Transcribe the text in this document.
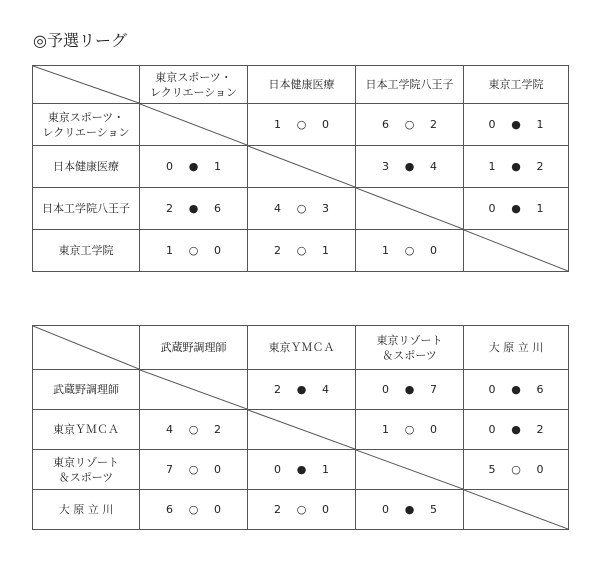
◎予選リーグ

東京スポーツ・
レクリエーション	日本健康医療	日本工学院八王子	東京工学院

東京スポーツ・
レクリエーション		1 ○ 0	6 ○ 2	0 ● 1

日本健康医療	0 ● 1		3 ● 4	1 ● 2

日本工学院八王子	2 ● 6	4 ○ 3		0 ● 1

東京工学院	1 ○ 0	2 ○ 1	1 ○ 0

武蔵野調理師	東京ＹＭＣＡ	東京リゾート
＆スポーツ	大 原 立 川

武蔵野調理師		2 ● 4	0 ● 7	0 ● 6

東京ＹＭＣＡ	4 ○ 2		1 ○ 0	0 ● 2

東京リゾート
＆スポーツ	7 ○ 0	0 ● 1		5 ○ 0

大 原 立 川	6 ○ 0	2 ○ 0	0 ● 5
